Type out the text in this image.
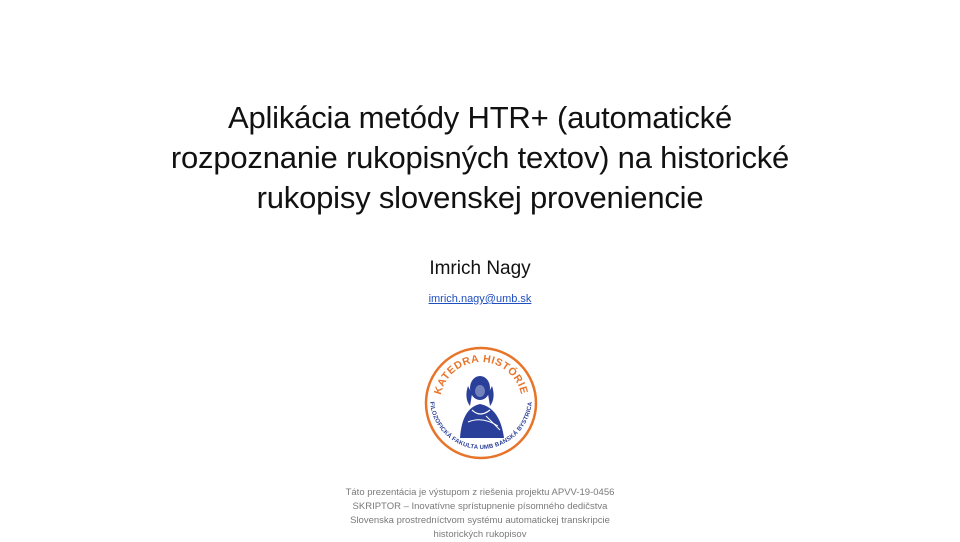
Aplikácia metódy HTR+ (automatické
rozpoznanie rukopisných textov) na historické
rukopisy slovenskej proveniencie
Imrich Nagy
imrich.nagy@umb.sk
KATEDRA HISTÓRIE
FILOZOFICKÁ FAKULTA UMB BANSKÁ BYSTRICA
Táto prezentácia je výstupom z riešenia projektu APVV-19-0456
SKRIPTOR – Inovatívne sprístupnenie písomného dedičstva
Slovenska prostredníctvom systému automatickej transkripcie
historických rukopisov
